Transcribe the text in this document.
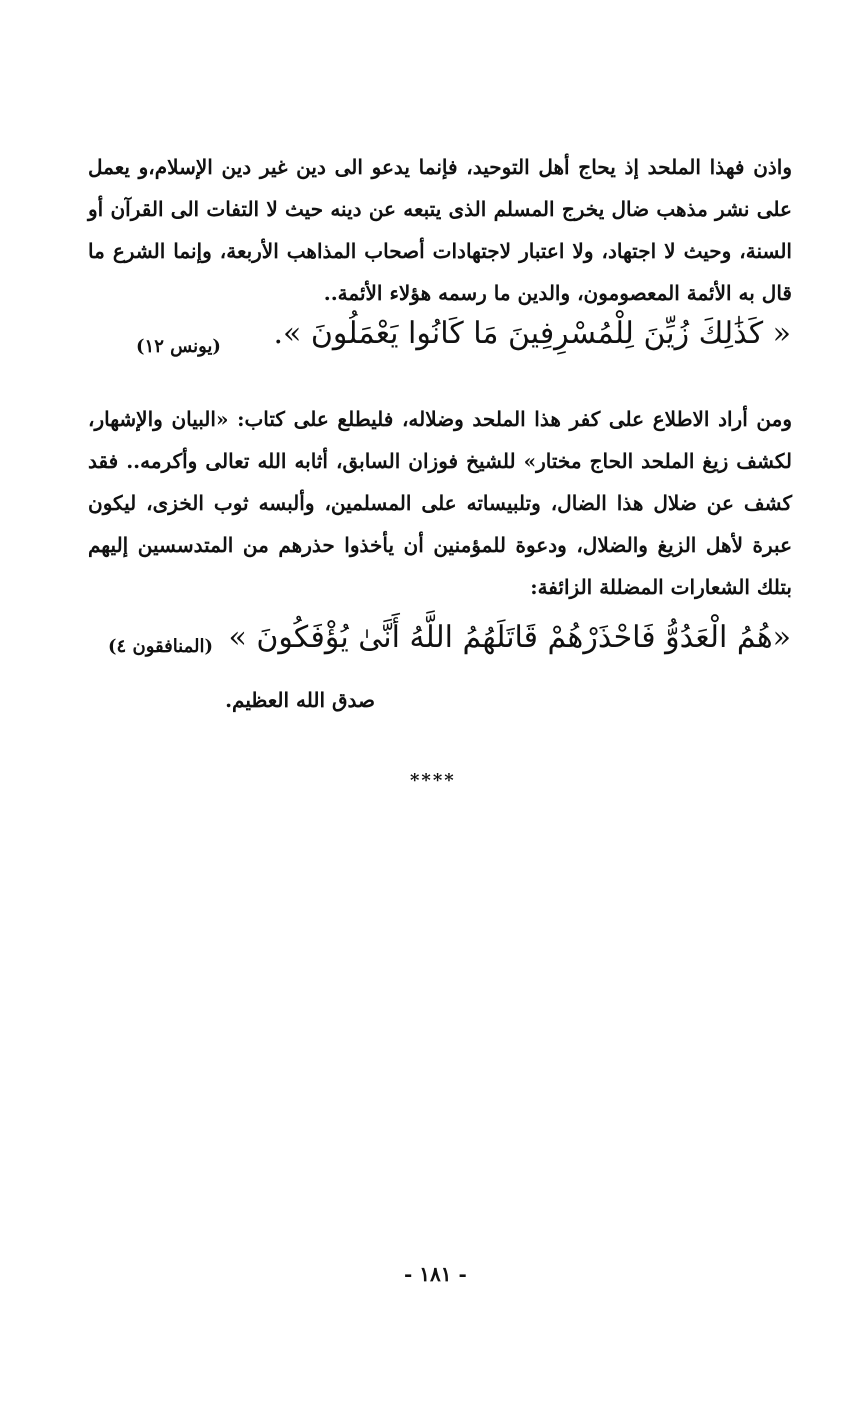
واذن فهذا الملحد إذ يحاج أهل التوحيد، فإنما يدعو الى دين غير دين الإسلام،و يعمل على نشر مذهب ضال يخرج المسلم الذى يتبعه عن دينه حيث لا التفات الى القرآن أو السنة، وحيث لا اجتهاد، ولا اعتبار لاجتهادات أصحاب المذاهب الأربعة، وإنما الشرع ما قال به الأئمة المعصومون، والدين ما رسمه هؤلاء الأئمة..

« كَذَٰلِكَ زُيِّنَ لِلْمُسْرِفِينَ مَا كَانُوا يَعْمَلُونَ ».
(يونس ١٢)

ومن أراد الاطلاع على كفر هذا الملحد وضلاله، فليطلع على كتاب: «البيان والإشهار، لكشف زيغ الملحد الحاج مختار» للشيخ فوزان السابق، أثابه الله تعالى وأكرمه.. فقد كشف عن ضلال هذا الضال، وتلبيساته على المسلمين، وألبسه ثوب الخزى، ليكون عبرة لأهل الزيغ والضلال، ودعوة للمؤمنين أن يأخذوا حذرهم من المتدسسين إليهم بتلك الشعارات المضللة الزائفة:

«هُمُ الْعَدُوُّ فَاحْذَرْهُمْ قَاتَلَهُمُ اللَّهُ أَنَّىٰ يُؤْفَكُونَ »
(المنافقون ٤)
صدق الله العظيم.
****
- ١٨١ -
